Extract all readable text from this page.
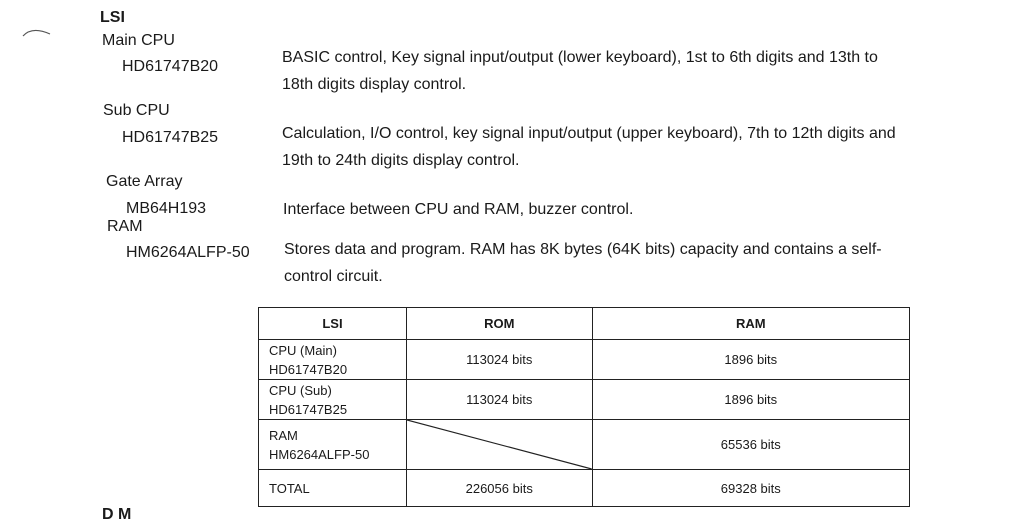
LSI
Main CPU
HD61747B20
BASIC control, Key signal input/output (lower keyboard), 1st to 6th digits and 13th to 18th digits display control.
Sub CPU
HD61747B25	Calculation, I/O control, key signal input/output (upper keyboard), 7th to 12th digits and 19th to 24th digits display control.
Gate Array
MB64H193	Interface between CPU and RAM, buzzer control.
RAM
HM6264ALFP-50 Stores data and program. RAM has 8K bytes (64K bits) capacity and contains a self-control circuit.
LSI	ROM	RAM

CPU (Main)
HD61747B20	113024 bits	1896 bits

CPU (Sub)
HD61747B25	113024 bits	1896 bits

RAM
HM6264ALFP-50		65536 bits
TOTAL	226056 bits	69328 bits
D M
